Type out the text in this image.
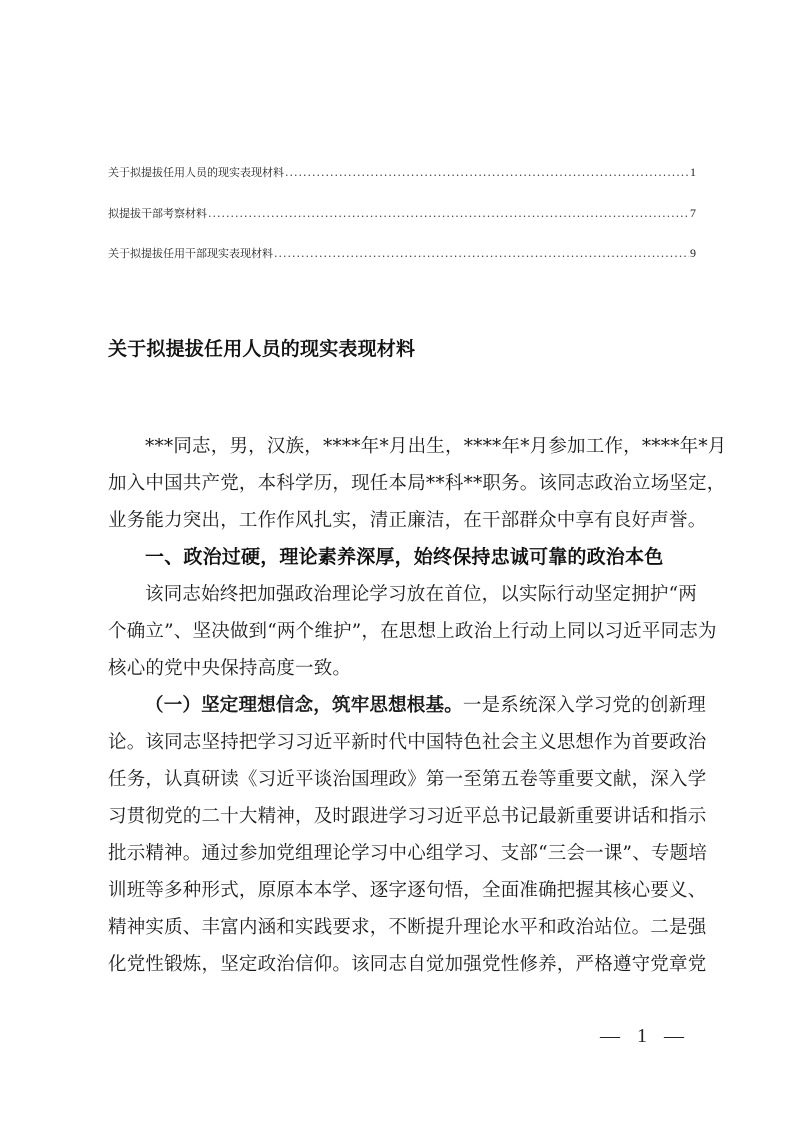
关于拟提拔任用人员的现实表现材料 .....	1
拟提拔干部考察材料 .....	7
关于拟提拔任用干部现实表现材料 .....	9
关于拟提拔任用人员的现实表现材料
***同志，男，汉族，****年*月出生，****年*月参加工作，****年*月
加入中国共产党，本科学历，现任本局**科**职务。该同志政治立场坚定，
业务能力突出，工作作风扎实，清正廉洁，在干部群众中享有良好声誉。
一、政治过硬，理论素养深厚，始终保持忠诚可靠的政治本色
该同志始终把加强政治理论学习放在首位，以实际行动坚定拥护“两
个确立”、坚决做到“两个维护”，在思想上政治上行动上同以习近平同志为
核心的党中央保持高度一致。
（一）坚定理想信念，筑牢思想根基。 一是系统深入学习党的创新理
论。该同志坚持把学习习近平新时代中国特色社会主义思想作为首要政治
任务，认真研读《习近平谈治国理政》第一至第五卷等重要文献，深入学
习贯彻党的二十大精神，及时跟进学习习近平总书记最新重要讲话和指示
批示精神。通过参加党组理论学习中心组学习、支部“三会一课”、专题培
训班等多种形式，原原本本学、逐字逐句悟，全面准确把握其核心要义、
精神实质、丰富内涵和实践要求，不断提升理论水平和政治站位。二是强
化党性锻炼，坚定政治信仰。该同志自觉加强党性修养，严格遵守党章党
— 1 —
